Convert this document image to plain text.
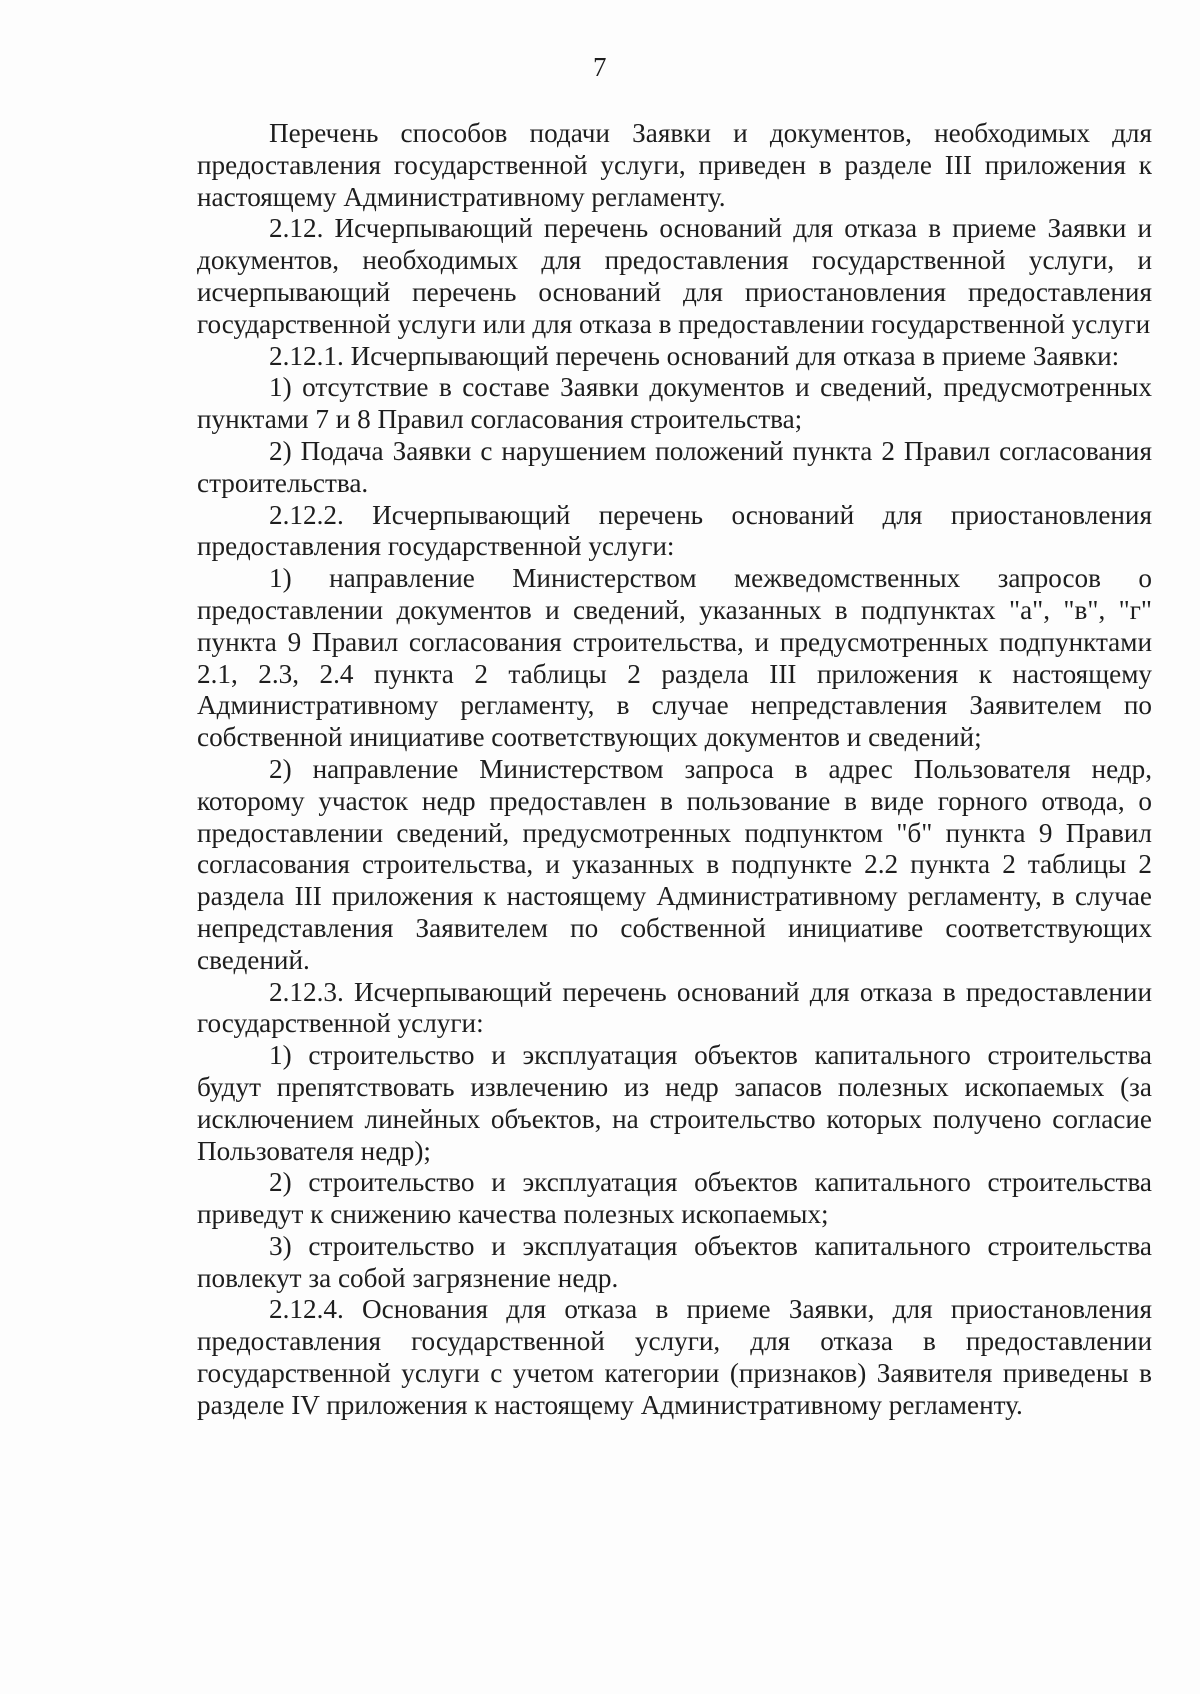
7

Перечень способов подачи Заявки и документов, необходимых для предоставления государственной услуги, приведен в разделе III приложения к настоящему Административному регламенту.

2.12. Исчерпывающий перечень оснований для отказа в приеме Заявки и документов, необходимых для предоставления государственной услуги, и исчерпывающий перечень оснований для приостановления предоставления государственной услуги или для отказа в предоставлении государственной услуги

2.12.1. Исчерпывающий перечень оснований для отказа в приеме Заявки:

1) отсутствие в составе Заявки документов и сведений, предусмотренных пунктами 7 и 8 Правил согласования строительства;

2) Подача Заявки с нарушением положений пункта 2 Правил согласования строительства.

2.12.2. Исчерпывающий перечень оснований для приостановления предоставления государственной услуги:

1) направление Министерством межведомственных запросов о предоставлении документов и сведений, указанных в подпунктах "а", "в", "г" пункта 9 Правил согласования строительства, и предусмотренных подпунктами 2.1, 2.3, 2.4 пункта 2 таблицы 2 раздела III приложения к настоящему Административному регламенту, в случае непредставления Заявителем по собственной инициативе соответствующих документов и сведений;

2) направление Министерством запроса в адрес Пользователя недр, которому участок недр предоставлен в пользование в виде горного отвода, о предоставлении сведений, предусмотренных подпунктом "б" пункта 9 Правил согласования строительства, и указанных в подпункте 2.2 пункта 2 таблицы 2 раздела III приложения к настоящему Административному регламенту, в случае непредставления Заявителем по собственной инициативе соответствующих сведений.

2.12.3. Исчерпывающий перечень оснований для отказа в предоставлении государственной услуги:

1) строительство и эксплуатация объектов капитального строительства будут препятствовать извлечению из недр запасов полезных ископаемых (за исключением линейных объектов, на строительство которых получено согласие Пользователя недр);

2) строительство и эксплуатация объектов капитального строительства приведут к снижению качества полезных ископаемых;

3) строительство и эксплуатация объектов капитального строительства повлекут за собой загрязнение недр.

2.12.4. Основания для отказа в приеме Заявки, для приостановления предоставления государственной услуги, для отказа в предоставлении государственной услуги с учетом категории (признаков) Заявителя приведены в разделе IV приложения к настоящему Административному регламенту.
